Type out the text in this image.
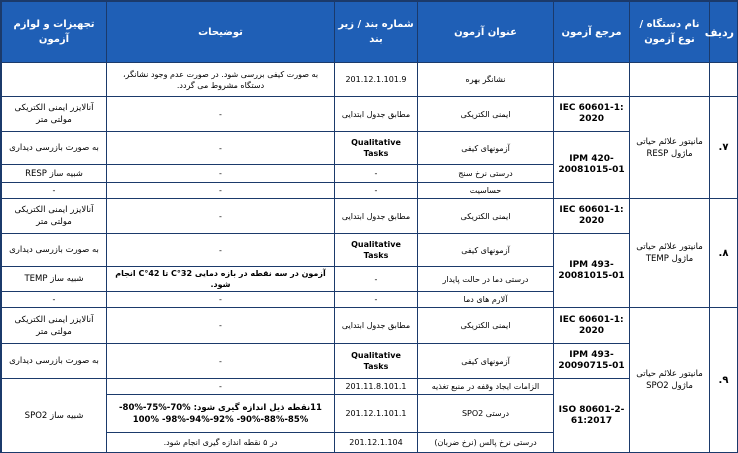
ردیف	نام دستگاه / نوع آزمون	مرجع آزمون	عنوان آزمون	شماره بند / زیر بند	توضیحات	تجهیزات و لوازم آزمون
			نشانگر بهره	201.12.1.101.9	به صورت کیفی بررسی شود. در صورت عدم وجود نشانگر، دستگاه مشروط می گردد.	
۷.	مانیتور علائم حیاتی ماژول RESP	IEC 60601-1: 2020	ایمنی الکتریکی	مطابق جدول ابتدایی	-	آنالایزر ایمنی الکتریکی مولتی متر
		IPM 420-20081015-01	آزمونهای کیفی	Qualitative Tasks	-	به صورت بازرسی دیداری
			درستی نرخ سنج	-	-	شبیه ساز RESP
			حساسیت	-	-	-
۸.	مانیتور علائم حیاتی ماژول TEMP	IEC 60601-1: 2020	ایمنی الکتریکی	مطابق جدول ابتدایی	-	آنالایزر ایمنی الکتریکی مولتی متر
		IPM 493-20081015-01	آزمونهای کیفی	Qualitative Tasks	-	به صورت بازرسی دیداری
			درستی دما در حالت پایدار	-	آزمون در سه نقطه در بازه دمایی 32°C تا 42°C انجام شود.	شبیه ساز TEMP
			آلارم های دما	-	-	-
۹.	مانیتور علائم حیاتی ماژول SPO2	IEC 60601-1: 2020	ایمنی الکتریکی	مطابق جدول ابتدایی	-	آنالایزر ایمنی الکتریکی مولتی متر
		IPM 493-20090715-01	آزمونهای کیفی	Qualitative Tasks	-	به صورت بازرسی دیداری
		ISO 80601-2-61:2017	الزامات ایجاد وقفه در منبع تغذیه	201.11.8.101.1	-	شبیه ساز SPO2
			درستی SPO2	201.12.1.101.1	11نقطه ذیل اندازه گیری شود: %70-%75-%80-%85-%88-%90- %92-%94-%98- %100	
			درستی نرخ پالس (نرخ ضربان)	201.12.1.104	در ۵ نقطه اندازه گیری انجام شود.	
